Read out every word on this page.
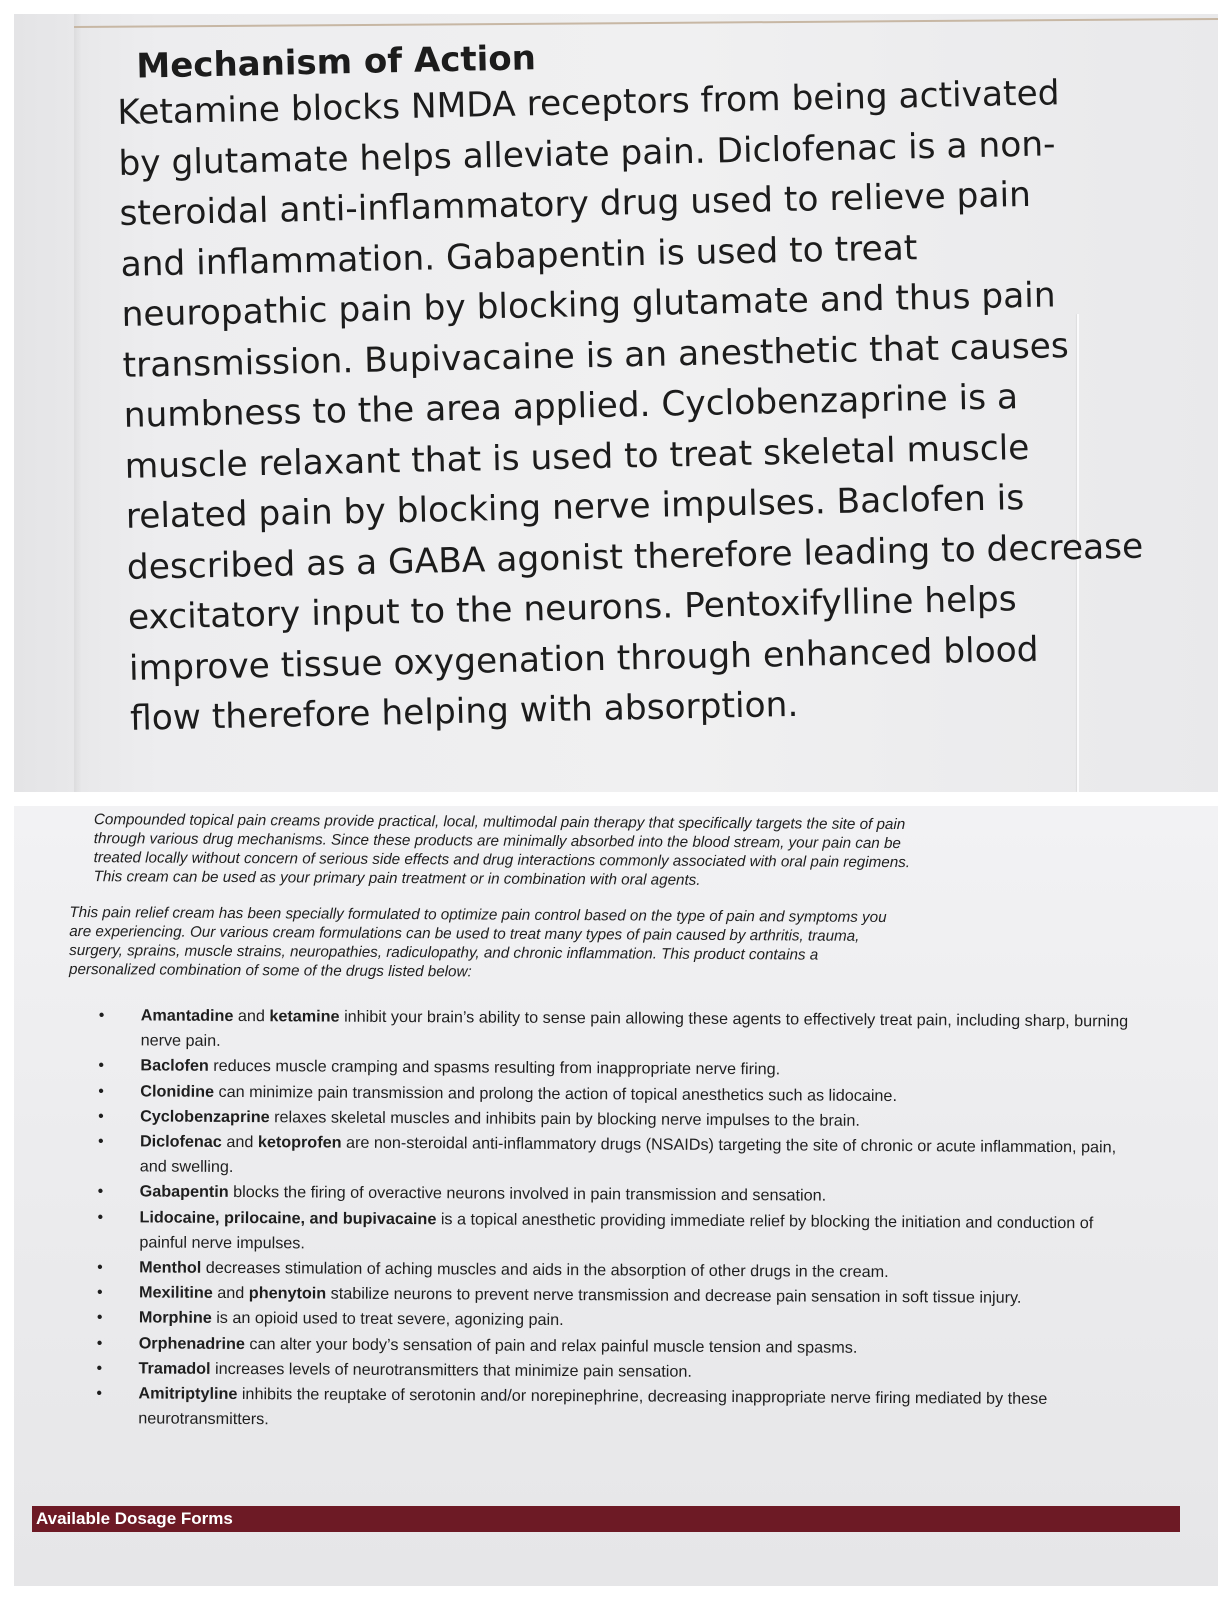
Mechanism of Action

Ketamine blocks NMDA receptors from being activated
by glutamate helps alleviate pain. Diclofenac is a non-
steroidal anti-inflammatory drug used to relieve pain
and inflammation. Gabapentin is used to treat
neuropathic pain by blocking glutamate and thus pain
transmission. Bupivacaine is an anesthetic that causes
numbness to the area applied. Cyclobenzaprine is a
muscle relaxant that is used to treat skeletal muscle
related pain by blocking nerve impulses. Baclofen is
described as a GABA agonist therefore leading to decrease
excitatory input to the neurons. Pentoxifylline helps
improve tissue oxygenation through enhanced blood
flow therefore helping with absorption.

Compounded topical pain creams provide practical, local, multimodal pain therapy that specifically targets the site of pain
through various drug mechanisms. Since these products are minimally absorbed into the blood stream, your pain can be
treated locally without concern of serious side effects and drug interactions commonly associated with oral pain regimens.
This cream can be used as your primary pain treatment or in combination with oral agents.

This pain relief cream has been specially formulated to optimize pain control based on the type of pain and symptoms you
are experiencing. Our various cream formulations can be used to treat many types of pain caused by arthritis, trauma,
surgery, sprains, muscle strains, neuropathies, radiculopathy, and chronic inflammation. This product contains a
personalized combination of some of the drugs listed below:

• Amantadine and ketamine inhibit your brain’s ability to sense pain allowing these agents to effectively treat pain, including sharp, burning nerve pain.
• Baclofen reduces muscle cramping and spasms resulting from inappropriate nerve firing.
• Clonidine can minimize pain transmission and prolong the action of topical anesthetics such as lidocaine.
• Cyclobenzaprine relaxes skeletal muscles and inhibits pain by blocking nerve impulses to the brain.
• Diclofenac and ketoprofen are non-steroidal anti-inflammatory drugs (NSAIDs) targeting the site of chronic or acute inflammation, pain, and swelling.
• Gabapentin blocks the firing of overactive neurons involved in pain transmission and sensation.
• Lidocaine, prilocaine, and bupivacaine is a topical anesthetic providing immediate relief by blocking the initiation and conduction of painful nerve impulses.
• Menthol decreases stimulation of aching muscles and aids in the absorption of other drugs in the cream.
• Mexilitine and phenytoin stabilize neurons to prevent nerve transmission and decrease pain sensation in soft tissue injury.
• Morphine is an opioid used to treat severe, agonizing pain.
• Orphenadrine can alter your body’s sensation of pain and relax painful muscle tension and spasms.
• Tramadol increases levels of neurotransmitters that minimize pain sensation.
• Amitriptyline inhibits the reuptake of serotonin and/or norepinephrine, decreasing inappropriate nerve firing mediated by these neurotransmitters.
Available Dosage Forms
